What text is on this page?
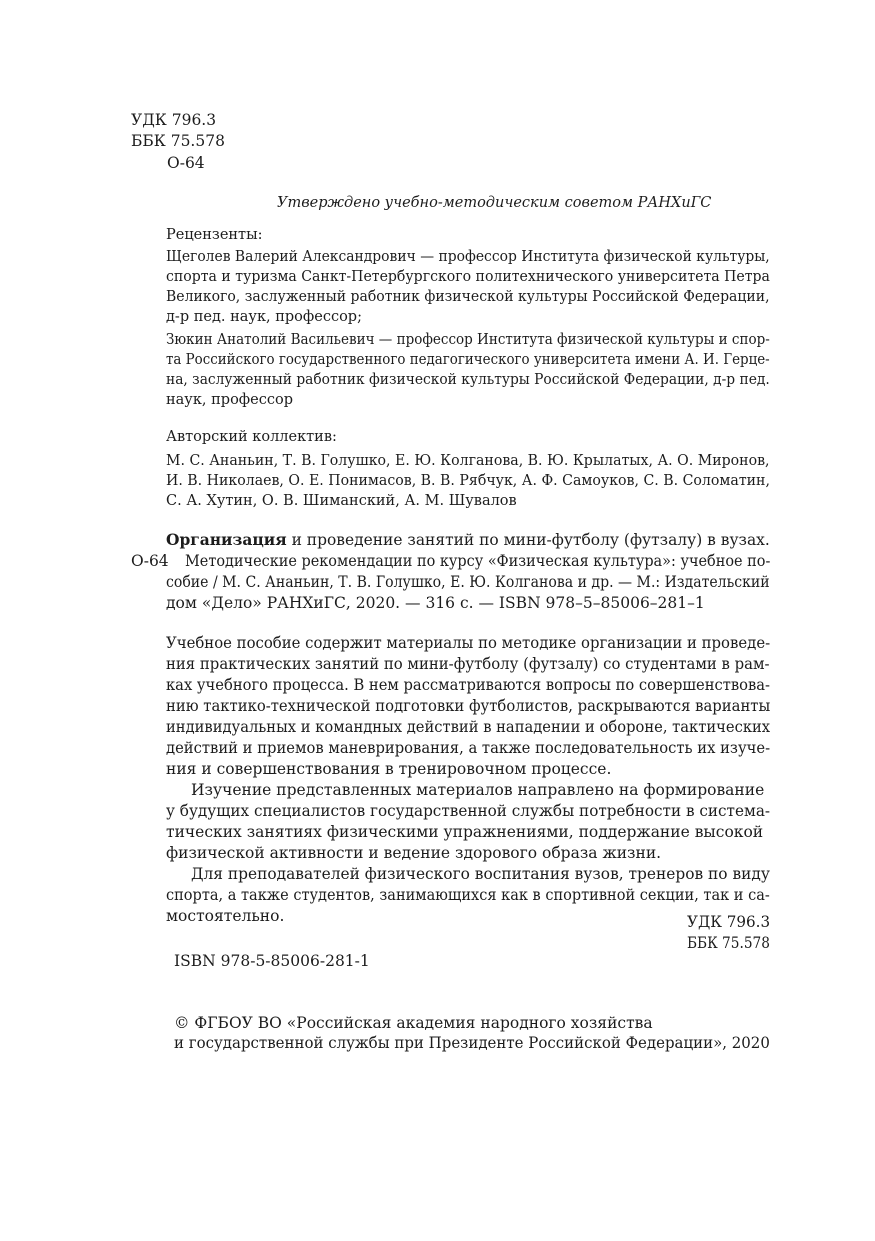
УДК 796.3
ББК 75.578
О-64
Утверждено учебно-методическим советом РАНХиГС
Рецензенты:
Щеголев Валерий Александрович — профессор Института физической культуры,
спорта и туризма Санкт-Петербургского политехнического университета Петра
Великого, заслуженный работник физической культуры Российской Федерации,
д-р пед. наук, профессор;
Зюкин Анатолий Васильевич — профессор Института физической культуры и спор-
та Российского государственного педагогического университета имени А. И. Герце-
на, заслуженный работник физической культуры Российской Федерации, д-р пед.
наук, профессор
Авторский коллектив:
М. С. Ананьин, Т. В. Голушко, Е. Ю. Колганова, В. Ю. Крылатых, А. О. Миронов,
И. В. Николаев, О. Е. Понимасов, В. В. Рябчук, А. Ф. Самоуков, С. В. Соломатин,
С. А. Хутин, О. В. Шиманский, А. М. Шувалов
Организация и проведение занятий по мини-футболу (футзалу) в вузах.
О-64 Методические рекомендации по курсу «Физическая культура»: учебное по-
собие / М. С. Ананьин, Т. В. Голушко, Е. Ю. Колганова и др. — М.: Издательский
дом «Дело» РАНХиГС, 2020. — 316 с. — ISBN 978–5–85006–281–1
Учебное пособие содержит материалы по методике организации и проведе-
ния практических занятий по мини-футболу (футзалу) со студентами в рам-
ках учебного процесса. В нем рассматриваются вопросы по совершенствова-
нию тактико-технической подготовки футболистов, раскрываются варианты
индивидуальных и командных действий в нападении и обороне, тактических
действий и приемов маневрирования, а также последовательность их изуче-
ния и совершенствования в тренировочном процессе.
Изучение представленных материалов направлено на формирование
у будущих специалистов государственной службы потребности в система-
тических занятиях физическими упражнениями, поддержание высокой
физической активности и ведение здорового образа жизни.
Для преподавателей физического воспитания вузов, тренеров по виду
спорта, а также студентов, занимающихся как в спортивной секции, так и са-
мостоятельно.	УДК 796.3
ББК 75.578
ISBN 978-5-85006-281-1
© ФГБОУ ВО «Российская академия народного хозяйства
и государственной службы при Президенте Российской Федерации», 2020
